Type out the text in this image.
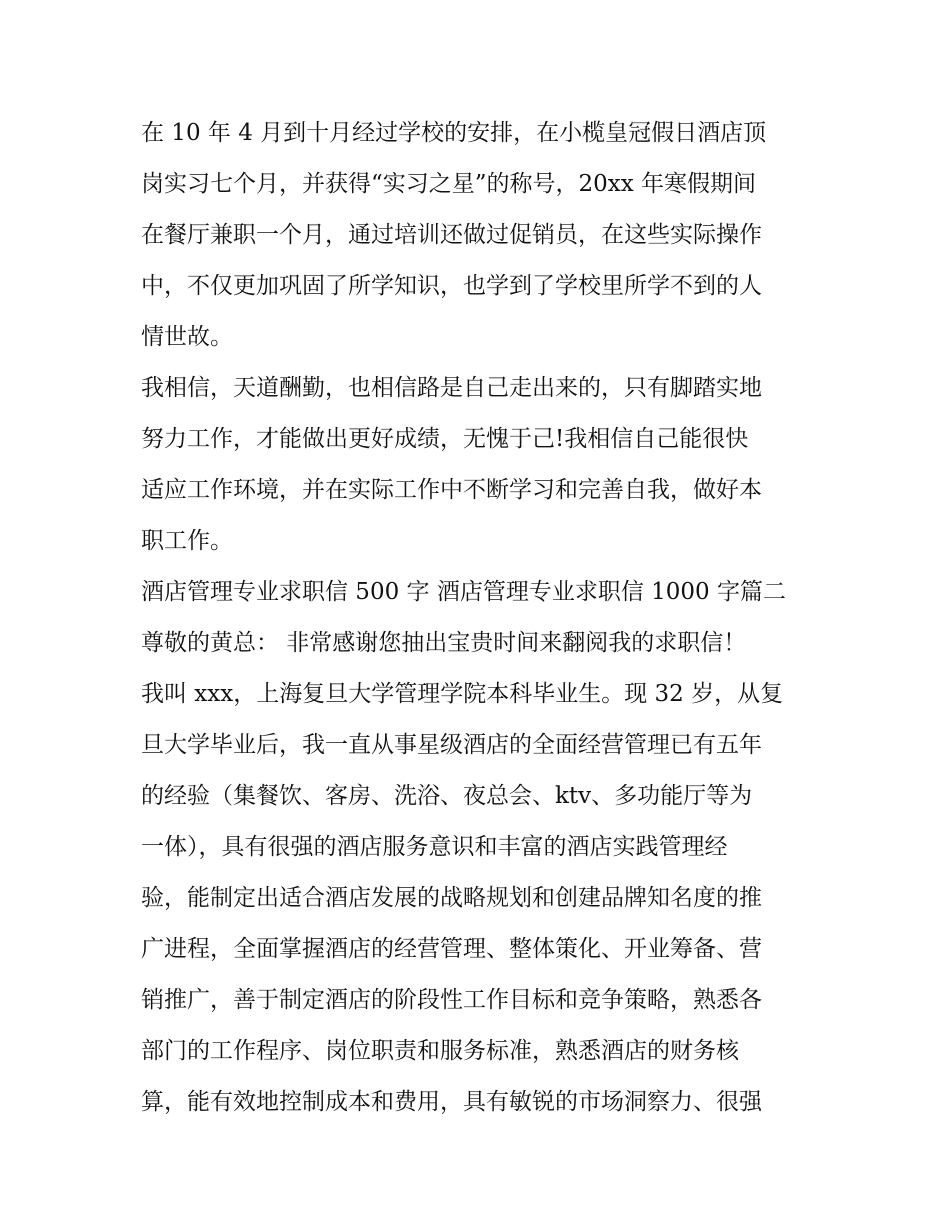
在 10 年 4 月到十月经过学校的安排，在小榄皇冠假日酒店顶
岗实习七个月，并获得“实习之星”的称号，20xx 年寒假期间
在餐厅兼职一个月，通过培训还做过促销员，在这些实际操作
中，不仅更加巩固了所学知识，也学到了学校里所学不到的人
情世故。
我相信，天道酬勤，也相信路是自己走出来的，只有脚踏实地
努力工作，才能做出更好成绩，无愧于己!我相信自己能很快
适应工作环境，并在实际工作中不断学习和完善自我，做好本
职工作。
酒店管理专业求职信 500 字 酒店管理专业求职信 1000 字篇二
尊敬的黄总： 非常感谢您抽出宝贵时间来翻阅我的求职信！
我叫 xxx，上海复旦大学管理学院本科毕业生。现 32 岁，从复
旦大学毕业后，我一直从事星级酒店的全面经营管理已有五年
的经验（集餐饮、客房、洗浴、夜总会、ktv、多功能厅等为
一体），具有很强的酒店服务意识和丰富的酒店实践管理经
验，能制定出适合酒店发展的战略规划和创建品牌知名度的推
广进程，全面掌握酒店的经营管理、整体策化、开业筹备、营
销推广，善于制定酒店的阶段性工作目标和竞争策略，熟悉各
部门的工作程序、岗位职责和服务标准，熟悉酒店的财务核
算，能有效地控制成本和费用，具有敏锐的市场洞察力、很强
